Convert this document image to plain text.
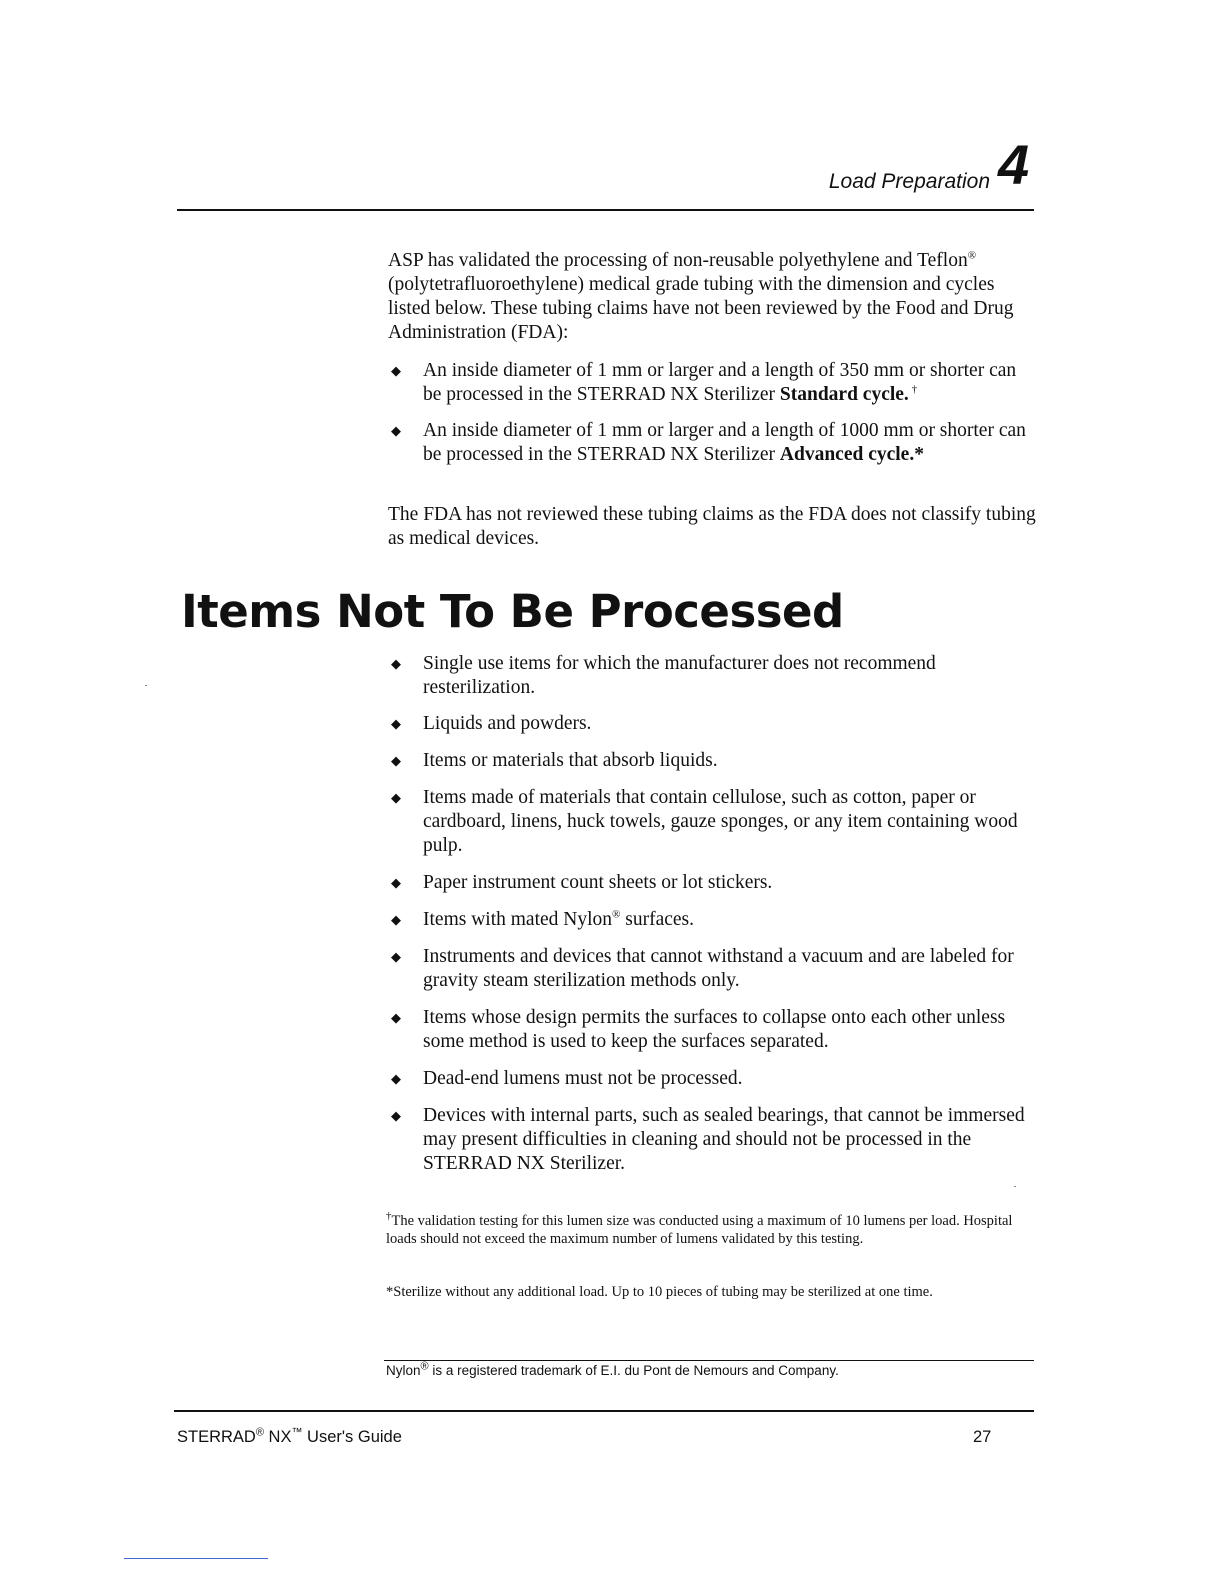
Load Preparation 4

ASP has validated the processing of non-reusable polyethylene and Teflon® (polytetrafluoroethylene) medical grade tubing with the dimension and cycles listed below. These tubing claims have not been reviewed by the Food and Drug Administration (FDA):

◆ An inside diameter of 1 mm or larger and a length of 350 mm or shorter can be processed in the STERRAD NX Sterilizer Standard cycle. †
◆ An inside diameter of 1 mm or larger and a length of 1000 mm or shorter can be processed in the STERRAD NX Sterilizer Advanced cycle.*

The FDA has not reviewed these tubing claims as the FDA does not classify tubing as medical devices.

Items Not To Be Processed
◆ Single use items for which the manufacturer does not recommend resterilization.
◆ Liquids and powders.
◆ Items or materials that absorb liquids.
◆ Items made of materials that contain cellulose, such as cotton, paper or cardboard, linens, huck towels, gauze sponges, or any item containing wood pulp.
◆ Paper instrument count sheets or lot stickers.
◆ Items with mated Nylon® surfaces.
◆ Instruments and devices that cannot withstand a vacuum and are labeled for gravity steam sterilization methods only.
◆ Items whose design permits the surfaces to collapse onto each other unless some method is used to keep the surfaces separated.
◆ Dead-end lumens must not be processed.
◆ Devices with internal parts, such as sealed bearings, that cannot be immersed may present difficulties in cleaning and should not be processed in the STERRAD NX Sterilizer.

†The validation testing for this lumen size was conducted using a maximum of 10 lumens per load. Hospital loads should not exceed the maximum number of lumens validated by this testing.

*Sterilize without any additional load. Up to 10 pieces of tubing may be sterilized at one time.

Nylon® is a registered trademark of E.I. du Pont de Nemours and Company.

STERRAD® NX™ User's Guide	27
